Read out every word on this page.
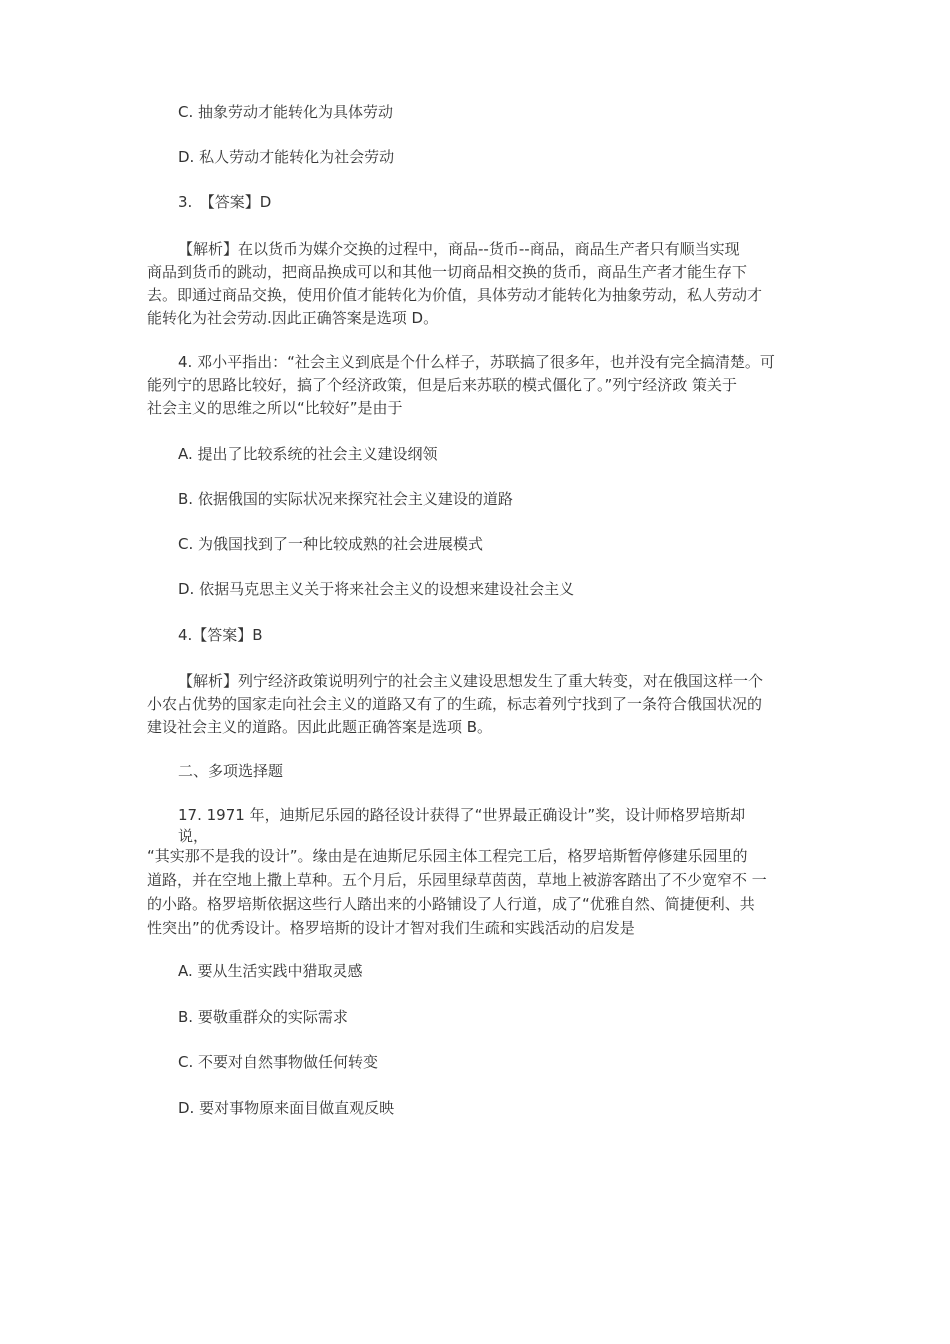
C. 抽象劳动才能转化为具体劳动
D. 私人劳动才能转化为社会劳动
3.　【答案】D
【解析】在以货币为媒介交换的过程中，商品--货币--商品，商品生产者只有顺当实现
商品到货币的跳动，把商品换成可以和其他一切商品相交换的货币，商品生产者才能生存下
去。即通过商品交换，使用价值才能转化为价值，具体劳动才能转化为抽象劳动，私人劳动才
能转化为社会劳动.因此正确答案是选项 D。
4. 邓小平指出：“社会主义到底是个什么样子，苏联搞了很多年，也并没有完全搞清楚。可
能列宁的思路比较好，搞了个经济政策，但是后来苏联的模式僵化了。”列宁经济政 策关于
社会主义的思维之所以“比较好”是由于
A. 提出了比较系统的社会主义建设纲领
B. 依据俄国的实际状况来探究社会主义建设的道路
C. 为俄国找到了一种比较成熟的社会进展模式
D. 依据马克思主义关于将来社会主义的设想来建设社会主义
4.【答案】B
【解析】列宁经济政策说明列宁的社会主义建设思想发生了重大转变，对在俄国这样一个
小农占优势的国家走向社会主义的道路又有了的生疏，标志着列宁找到了一条符合俄国状况的
建设社会主义的道路。因此此题正确答案是选项 B。
二、多项选择题
17. 1971 年，迪斯尼乐园的路径设计获得了“世界最正确设计”奖，设计师格罗培斯却
说，
“其实那不是我的设计”。缘由是在迪斯尼乐园主体工程完工后，格罗培斯暂停修建乐园里的
道路，并在空地上撒上草种。五个月后，乐园里绿草茵茵，草地上被游客踏出了不少宽窄不 一
的小路。格罗培斯依据这些行人踏出来的小路铺设了人行道，成了“优雅自然、简捷便利、共
性突出”的优秀设计。格罗培斯的设计才智对我们生疏和实践活动的启发是
A. 要从生活实践中猎取灵感
B. 要敬重群众的实际需求
C. 不要对自然事物做任何转变
D. 要对事物原来面目做直观反映
